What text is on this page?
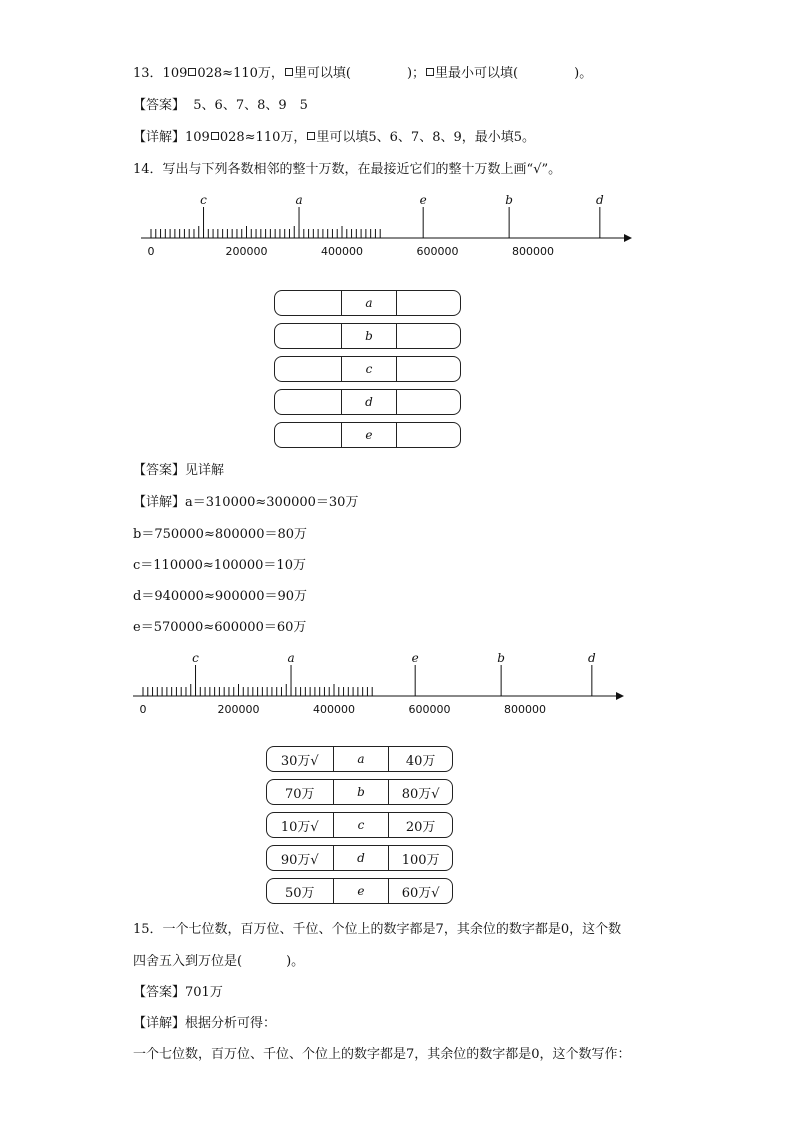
13．109 028≈110万， 里可以填(	)； 里最小可以填(	)。
【答案】 5、6、7、8、9　5
【详解】109 028≈110万， 里可以填5、6、7、8、9，最小填5。
14．写出与下列各数相邻的整十万数，在最接近它们的整十万数上画“√”。
0	200000	400000	600000	800000
c	a	e	b	d
a
b
c
d
e
【答案】见详解
【详解】a＝310000≈300000＝30万
b＝750000≈800000＝80万
c＝110000≈100000＝10万
d＝940000≈900000＝90万
e＝570000≈600000＝60万
0	200000	400000	600000	800000
c	a	e	b	d
30万√	a	40万
70万	b	80万√
10万√	c	20万
90万√	d	100万
50万	e	60万√
15．一个七位数，百万位、千位、个位上的数字都是7，其余位的数字都是0，这个数
四舍五入到万位是(	)。
【答案】701万
【详解】根据分析可得：
一个七位数，百万位、千位、个位上的数字都是7，其余位的数字都是0，这个数写作：
